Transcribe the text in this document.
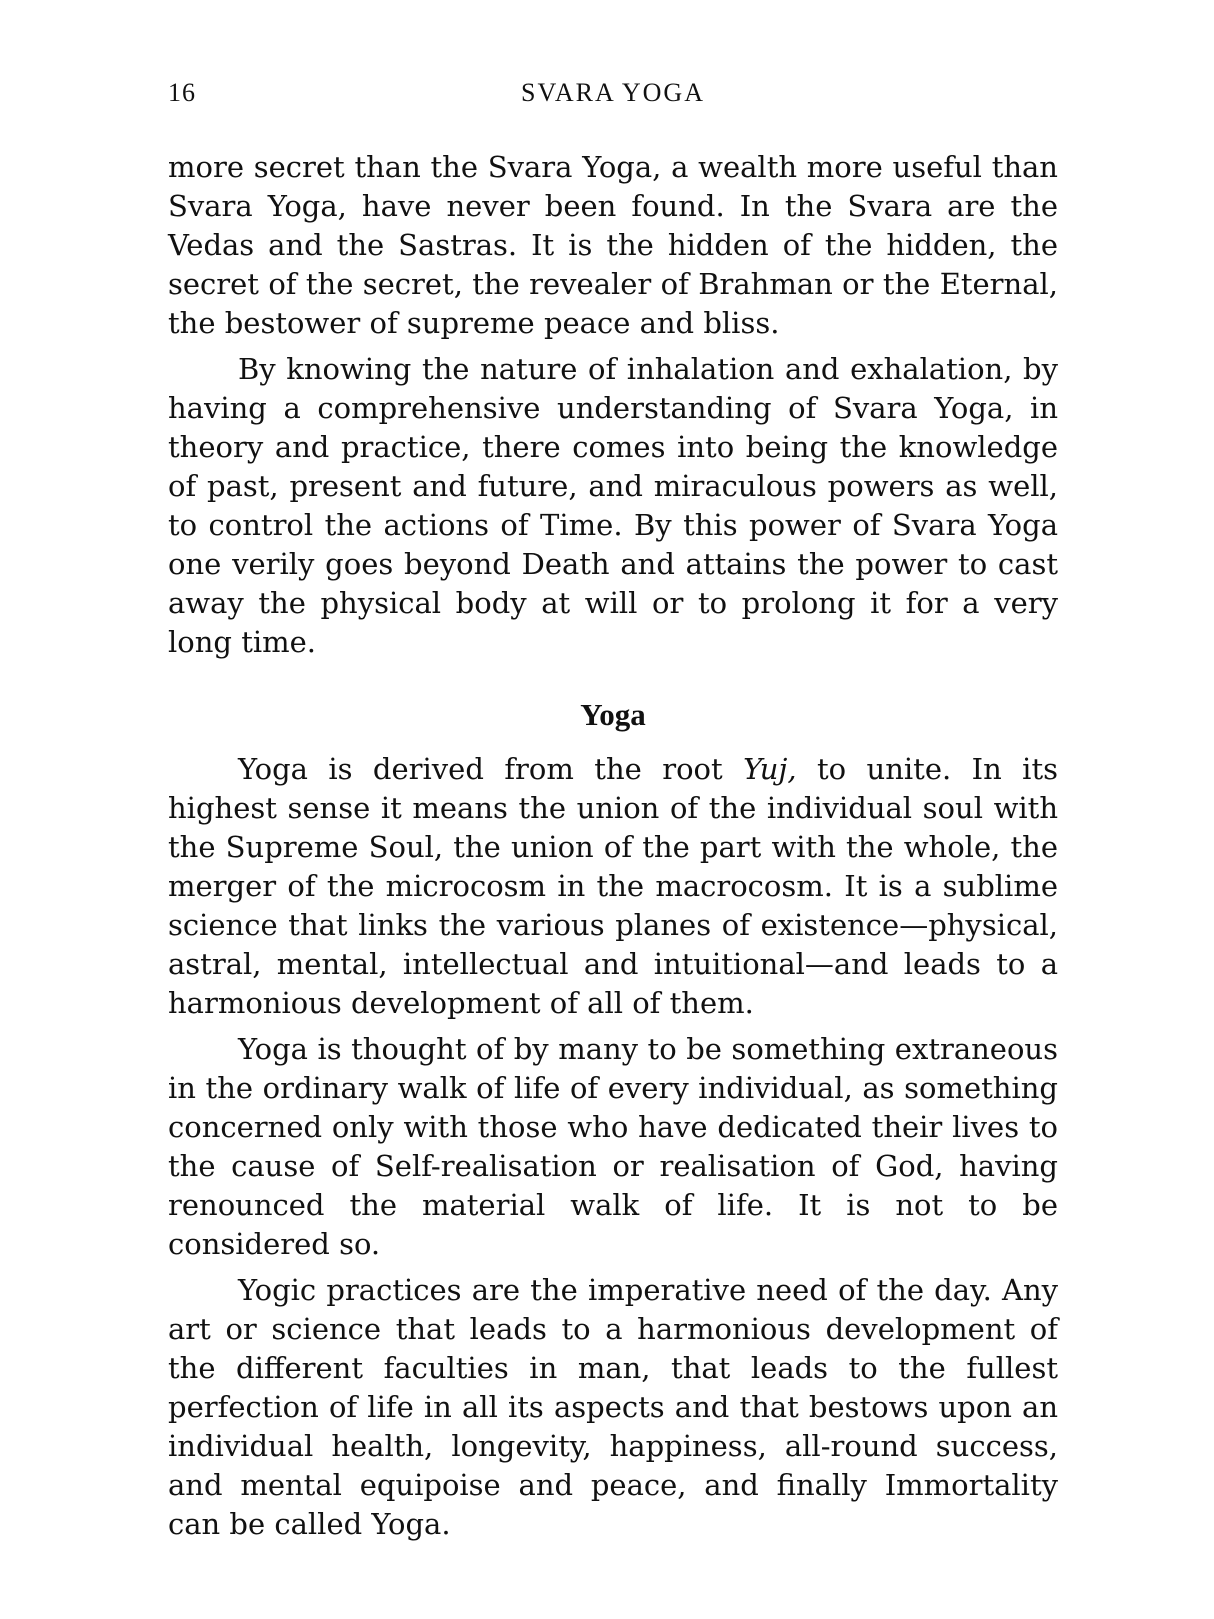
16	SVARA YOGA

more secret than the Svara Yoga, a wealth more useful than Svara Yoga, have never been found. In the Svara are the Vedas and the Sastras. It is the hidden of the hidden, the secret of the secret, the revealer of Brahman or the Eternal, the bestower of supreme peace and bliss.

By knowing the nature of inhalation and exhalation, by having a comprehensive understanding of Svara Yoga, in theory and practice, there comes into being the knowledge of past, present and future, and miraculous powers as well, to control the actions of Time. By this power of Svara Yoga one verily goes beyond Death and attains the power to cast away the physical body at will or to prolong it for a very long time.

Yoga

Yoga is derived from the root Yuj, to unite. In its highest sense it means the union of the individual soul with the Supreme Soul, the union of the part with the whole, the merger of the microcosm in the macrocosm. It is a sublime science that links the various planes of existence—physical, astral, mental, intellectual and intuitional—and leads to a harmonious development of all of them.

Yoga is thought of by many to be something extraneous in the ordinary walk of life of every individual, as something concerned only with those who have dedicated their lives to the cause of Self-realisation or realisation of God, having renounced the material walk of life. It is not to be considered so.

Yogic practices are the imperative need of the day. Any art or science that leads to a harmonious development of the different faculties in man, that leads to the fullest perfection of life in all its aspects and that bestows upon an individual health, longevity, happiness, all-round success, and mental equipoise and peace, and finally Immortality can be called Yoga.
